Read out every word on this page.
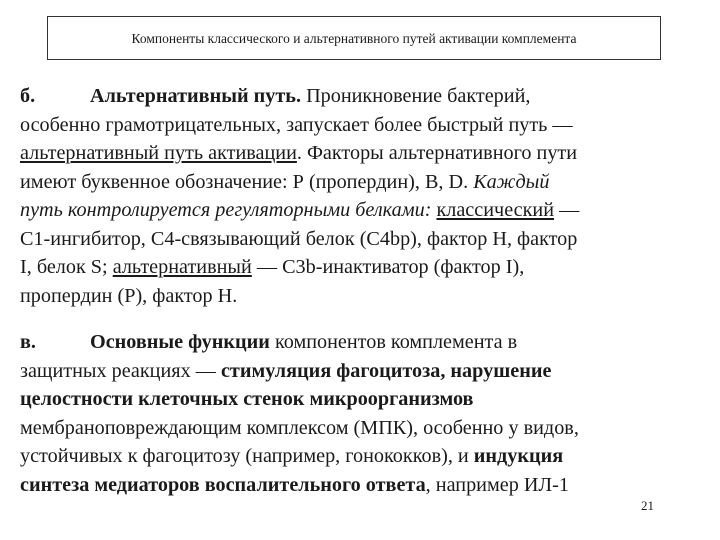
Компоненты классического и альтернативного путей активации комплемента
б.	Альтернативный путь. Проникновение бактерий,
особенно грамотрицательных, запускает более быстрый путь —
альтернативный путь активации. Факторы альтернативного пути
имеют буквенное обозначение: Р (пропердин), B, D. Каждый
путь контролируется регуляторными белками: классический —
C1-ингибитор, С4-связывающий белок (C4bp), фактор Н, фактор
I, белок S; альтернативный — C3b-инактиватор (фактор I),
пропердин (Р), фактор Н.
в.	Основные функции компонентов комплемента в
защитных реакциях — стимуляция фагоцитоза, нарушение
целостности клеточных стенок микроорганизмов
мембраноповреждающим комплексом (МПК), особенно у видов,
устойчивых к фагоцитозу (например, гонококков), и индукция
синтеза медиаторов воспалительного ответа, например ИЛ-1
21
